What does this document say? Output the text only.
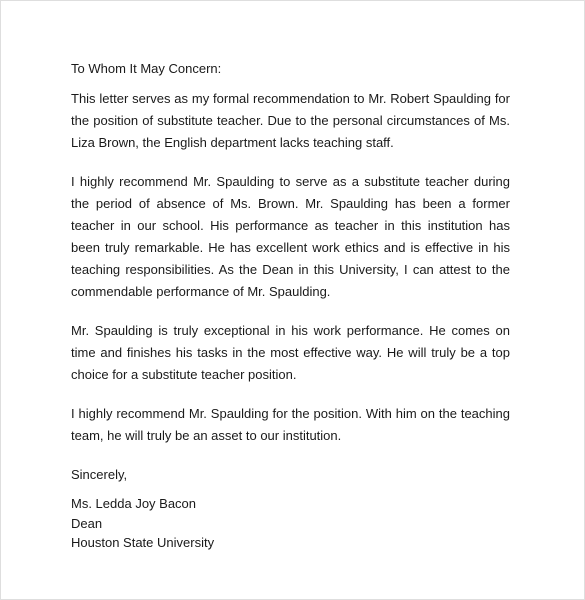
To Whom It May Concern:

This letter serves as my formal recommendation to Mr. Robert Spaulding for the position of substitute teacher. Due to the personal circumstances of Ms. Liza Brown, the English department lacks teaching staff.

I highly recommend Mr. Spaulding to serve as a substitute teacher during the period of absence of Ms. Brown. Mr. Spaulding has been a former teacher in our school. His performance as teacher in this institution has been truly remarkable. He has excellent work ethics and is effective in his teaching responsibilities. As the Dean in this University, I can attest to the commendable performance of Mr. Spaulding.

Mr. Spaulding is truly exceptional in his work performance. He comes on time and finishes his tasks in the most effective way. He will truly be a top choice for a substitute teacher position.

I highly recommend Mr. Spaulding for the position. With him on the teaching team, he will truly be an asset to our institution.

Sincerely,

Ms. Ledda Joy Bacon
Dean
Houston State University
